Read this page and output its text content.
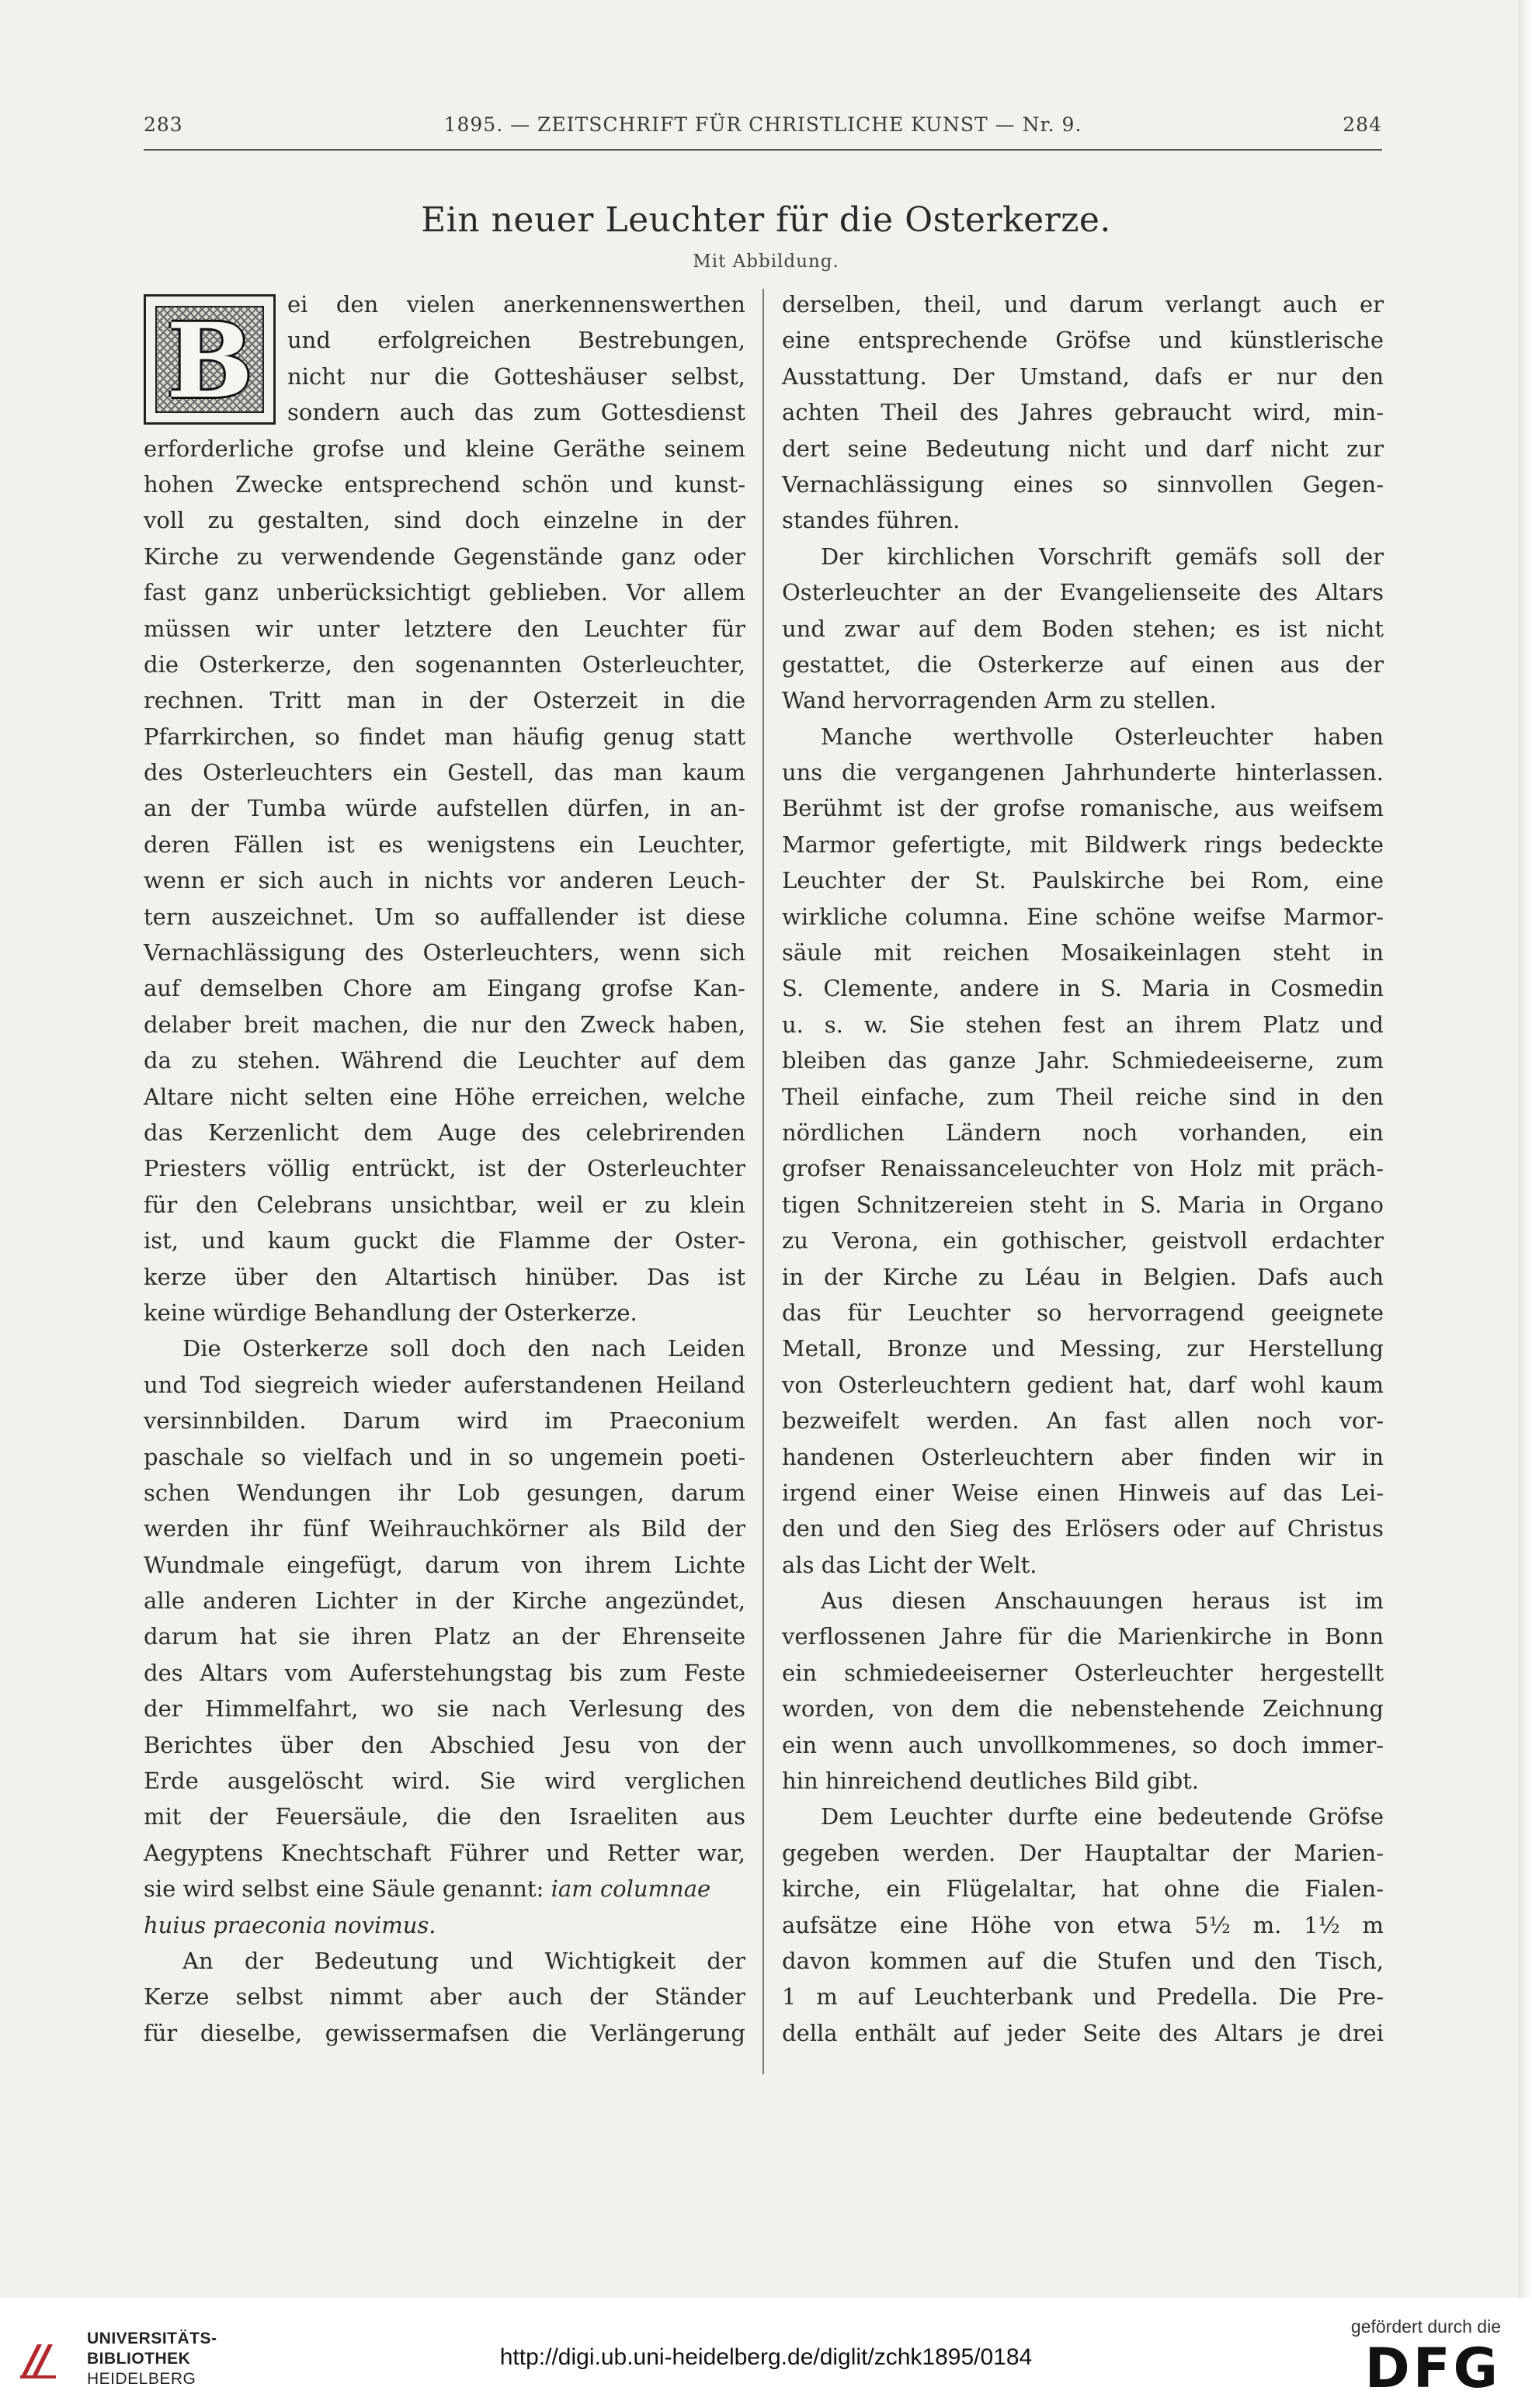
283	1895. — ZEITSCHRIFT FÜR CHRISTLICHE KUNST — Nr. 9.	284
Ein neuer Leuchter für die Osterkerze.
Mit Abbildung.
B	ei den vielen anerkennenswerthen
und erfolgreichen Bestrebungen,
nicht nur die Gotteshäuser selbst,
sondern auch das zum Gottesdienst
erforderliche grofse und kleine Geräthe seinem
hohen Zwecke entsprechend schön und kunst-
voll zu gestalten, sind doch einzelne in der
Kirche zu verwendende Gegenstände ganz oder
fast ganz unberücksichtigt geblieben. Vor allem
müssen wir unter letztere den Leuchter für
die Osterkerze, den sogenannten Osterleuchter,
rechnen. Tritt man in der Osterzeit in die
Pfarrkirchen, so findet man häufig genug statt
des Osterleuchters ein Gestell, das man kaum
an der Tumba würde aufstellen dürfen, in an-
deren Fällen ist es wenigstens ein Leuchter,
wenn er sich auch in nichts vor anderen Leuch-
tern auszeichnet. Um so auffallender ist diese
Vernachlässigung des Osterleuchters, wenn sich
auf demselben Chore am Eingang grofse Kan-
delaber breit machen, die nur den Zweck haben,
da zu stehen. Während die Leuchter auf dem
Altare nicht selten eine Höhe erreichen, welche
das Kerzenlicht dem Auge des celebrirenden
Priesters völlig entrückt, ist der Osterleuchter
für den Celebrans unsichtbar, weil er zu klein
ist, und kaum guckt die Flamme der Oster-
kerze über den Altartisch hinüber. Das ist
keine würdige Behandlung der Osterkerze.
Die Osterkerze soll doch den nach Leiden
und Tod siegreich wieder auferstandenen Heiland
versinnbilden. Darum wird im Praeconium
paschale so vielfach und in so ungemein poeti-
schen Wendungen ihr Lob gesungen, darum
werden ihr fünf Weihrauchkörner als Bild der
Wundmale eingefügt, darum von ihrem Lichte
alle anderen Lichter in der Kirche angezündet,
darum hat sie ihren Platz an der Ehrenseite
des Altars vom Auferstehungstag bis zum Feste
der Himmelfahrt, wo sie nach Verlesung des
Berichtes über den Abschied Jesu von der
Erde ausgelöscht wird. Sie wird verglichen
mit der Feuersäule, die den Israeliten aus
Aegyptens Knechtschaft Führer und Retter war,
sie wird selbst eine Säule genannt: iam columnae
huius praeconia novimus.
An der Bedeutung und Wichtigkeit der
Kerze selbst nimmt aber auch der Ständer
für dieselbe, gewissermafsen die Verlängerung
derselben, theil, und darum verlangt auch er
eine entsprechende Gröfse und künstlerische
Ausstattung. Der Umstand, dafs er nur den
achten Theil des Jahres gebraucht wird, min-
dert seine Bedeutung nicht und darf nicht zur
Vernachlässigung eines so sinnvollen Gegen-
standes führen.
Der kirchlichen Vorschrift gemäfs soll der
Osterleuchter an der Evangelienseite des Altars
und zwar auf dem Boden stehen; es ist nicht
gestattet, die Osterkerze auf einen aus der
Wand hervorragenden Arm zu stellen.
Manche werthvolle Osterleuchter haben
uns die vergangenen Jahrhunderte hinterlassen.
Berühmt ist der grofse romanische, aus weifsem
Marmor gefertigte, mit Bildwerk rings bedeckte
Leuchter der St. Paulskirche bei Rom, eine
wirkliche columna. Eine schöne weifse Marmor-
säule mit reichen Mosaikeinlagen steht in
S. Clemente, andere in S. Maria in Cosmedin
u. s. w. Sie stehen fest an ihrem Platz und
bleiben das ganze Jahr. Schmiedeeiserne, zum
Theil einfache, zum Theil reiche sind in den
nördlichen Ländern noch vorhanden, ein
grofser Renaissanceleuchter von Holz mit präch-
tigen Schnitzereien steht in S. Maria in Organo
zu Verona, ein gothischer, geistvoll erdachter
in der Kirche zu Léau in Belgien. Dafs auch
das für Leuchter so hervorragend geeignete
Metall, Bronze und Messing, zur Herstellung
von Osterleuchtern gedient hat, darf wohl kaum
bezweifelt werden. An fast allen noch vor-
handenen Osterleuchtern aber finden wir in
irgend einer Weise einen Hinweis auf das Lei-
den und den Sieg des Erlösers oder auf Christus
als das Licht der Welt.
Aus diesen Anschauungen heraus ist im
verflossenen Jahre für die Marienkirche in Bonn
ein schmiedeeiserner Osterleuchter hergestellt
worden, von dem die nebenstehende Zeichnung
ein wenn auch unvollkommenes, so doch immer-
hin hinreichend deutliches Bild gibt.
Dem Leuchter durfte eine bedeutende Gröfse
gegeben werden. Der Hauptaltar der Marien-
kirche, ein Flügelaltar, hat ohne die Fialen-
aufsätze eine Höhe von etwa 5½ m. 1½ m
davon kommen auf die Stufen und den Tisch,
1 m auf Leuchterbank und Predella. Die Pre-
della enthält auf jeder Seite des Altars je drei
UNIVERSITÄTS-
BIBLIOTHEK
HEIDELBERG
http://digi.ub.uni-heidelberg.de/diglit/zchk1895/0184
gefördert durch die
DFG
